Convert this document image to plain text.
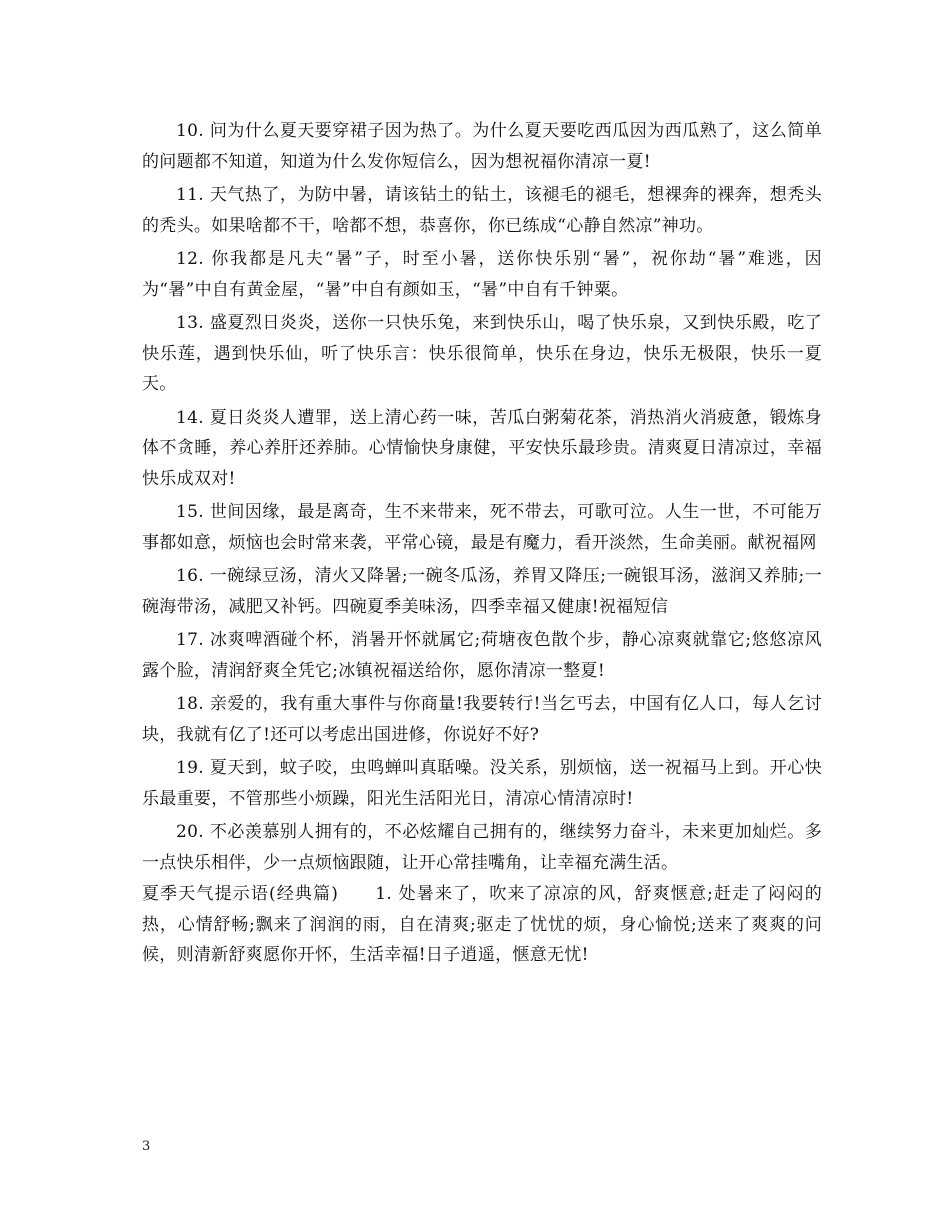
10. 问为什么夏天要穿裙子因为热了。为什么夏天要吃西瓜因为西瓜熟了，这么简单的问题都不知道，知道为什么发你短信么，因为想祝福你清凉一夏!

11. 天气热了，为防中暑，请该钻土的钻土，该褪毛的褪毛，想裸奔的裸奔，想秃头的秃头。如果啥都不干，啥都不想，恭喜你，你已练成“心静自然凉”神功。

12. 你我都是凡夫“暑”子，时至小暑，送你快乐别“暑”，祝你劫“暑”难逃，因为“暑”中自有黄金屋，“暑”中自有颜如玉，“暑”中自有千钟粟。

13. 盛夏烈日炎炎，送你一只快乐兔，来到快乐山，喝了快乐泉，又到快乐殿，吃了快乐莲，遇到快乐仙，听了快乐言：快乐很简单，快乐在身边，快乐无极限，快乐一夏天。

14. 夏日炎炎人遭罪，送上清心药一味，苦瓜白粥菊花茶，消热消火消疲惫，锻炼身体不贪睡，养心养肝还养肺。心情愉快身康健，平安快乐最珍贵。清爽夏日清凉过，幸福快乐成双对!

15. 世间因缘，最是离奇，生不来带来，死不带去，可歌可泣。人生一世，不可能万事都如意，烦恼也会时常来袭，平常心镜，最是有魔力，看开淡然，生命美丽。献祝福网

16. 一碗绿豆汤，清火又降暑;一碗冬瓜汤，养胃又降压;一碗银耳汤，滋润又养肺;一碗海带汤，减肥又补钙。四碗夏季美味汤，四季幸福又健康!祝福短信

17. 冰爽啤酒碰个杯，消暑开怀就属它;荷塘夜色散个步，静心凉爽就靠它;悠悠凉风露个脸，清润舒爽全凭它;冰镇祝福送给你，愿你清凉一整夏!

18. 亲爱的，我有重大事件与你商量!我要转行!当乞丐去，中国有亿人口，每人乞讨块，我就有亿了!还可以考虑出国进修，你说好不好?

19. 夏天到，蚊子咬，虫鸣蝉叫真聒噪。没关系，别烦恼，送一祝福马上到。开心快乐最重要，不管那些小烦躁，阳光生活阳光日，清凉心情清凉时!

20. 不必羡慕别人拥有的，不必炫耀自己拥有的，继续努力奋斗，未来更加灿烂。多一点快乐相伴，少一点烦恼跟随，让开心常挂嘴角，让幸福充满生活。

夏季天气提示语(经典篇)　　1. 处暑来了，吹来了凉凉的风，舒爽惬意;赶走了闷闷的热，心情舒畅;飘来了润润的雨，自在清爽;驱走了忧忧的烦，身心愉悦;送来了爽爽的问候，则清新舒爽愿你开怀，生活幸福!日子逍遥，惬意无忧!

3
